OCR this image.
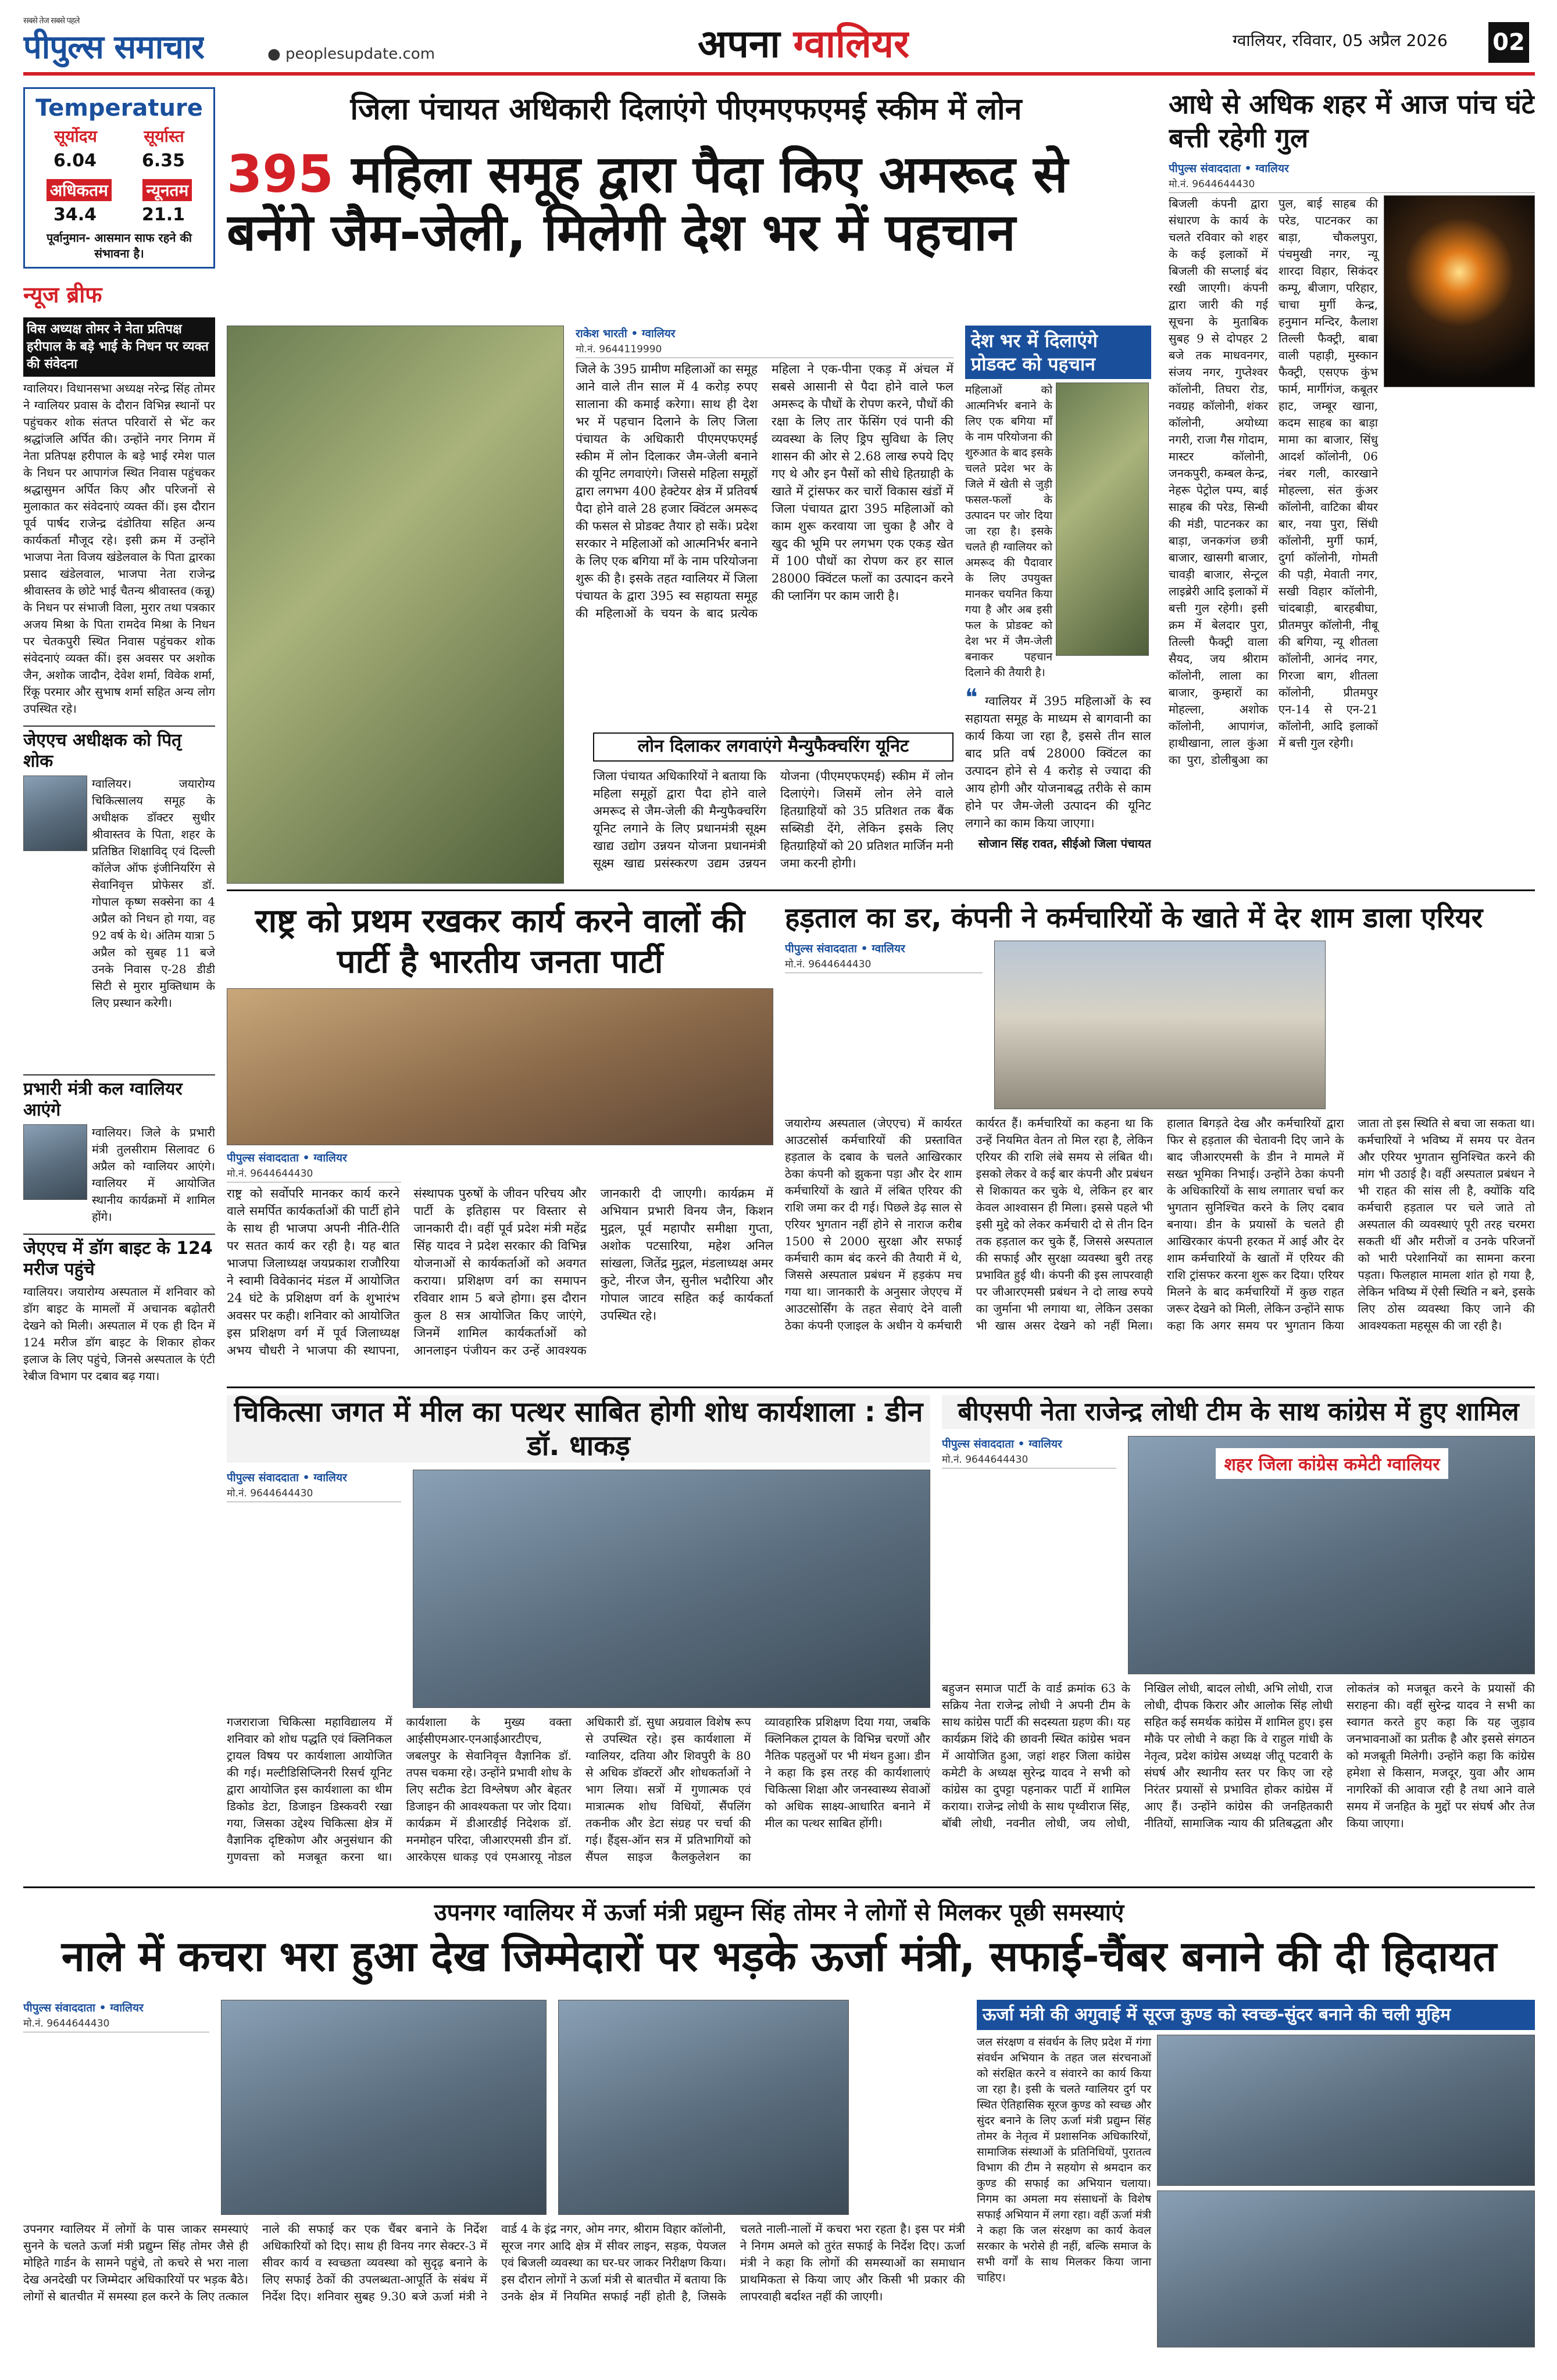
सबसे तेज सबसे पहले
पीपुल्स समाचार	● peoplesupdate.com	अपना ग्वालियर	ग्वालियर, रविवार, 05 अप्रैल 2026 02
Temperature
सूर्योदय	सूर्यास्त
6.04	6.35
अधिकतम न्यूनतम
34.4	21.1
पूर्वानुमान- आसमान साफ रहने की संभावना है।
न्यूज ब्रीफ
विस अध्यक्ष तोमर ने नेता प्रतिपक्ष हरीपाल के बड़े भाई के निधन पर व्यक्त की संवेदना
ग्वालियर। विधानसभा अध्यक्ष नरेन्द्र सिंह तोमर ने ग्वालियर प्रवास के दौरान विभिन्न स्थानों पर पहुंचकर शोक संतप्त परिवारों से भेंट कर श्रद्धांजलि अर्पित की। उन्होंने नगर निगम में नेता प्रतिपक्ष हरीपाल के बड़े भाई रमेश पाल के निधन पर आपागंज स्थित निवास पहुंचकर श्रद्धासुमन अर्पित किए और परिजनों से मुलाकात कर संवेदनाएं व्यक्त कीं। इस दौरान पूर्व पार्षद राजेन्द्र दंडोतिया सहित अन्य कार्यकर्ता मौजूद रहे। इसी क्रम में उन्होंने भाजपा नेता विजय खंडेलवाल के पिता द्वारका प्रसाद खंडेलवाल, भाजपा नेता राजेन्द्र श्रीवास्तव के छोटे भाई चैतन्य श्रीवास्तव (कन्नू) के निधन पर संभाजी विला, मुरार तथा पत्रकार अजय मिश्रा के पिता रामदेव मिश्रा के निधन पर चेतकपुरी स्थित निवास पहुंचकर शोक संवेदनाएं व्यक्त कीं। इस अवसर पर अशोक जैन, अशोक जादौन, देवेश शर्मा, विवेक शर्मा, रिंकू परमार और सुभाष शर्मा सहित अन्य लोग उपस्थित रहे।
जेएएच अधीक्षक को पितृ शोक
ग्वालियर। जयारोग्य चिकित्सालय समूह के अधीक्षक डॉक्टर सुधीर श्रीवास्तव के पिता, शहर के प्रतिष्ठित शिक्षाविद् एवं दिल्ली कॉलेज ऑफ इंजीनियरिंग से सेवानिवृत्त प्रोफेसर डॉ. गोपाल कृष्ण सक्सेना का 4 अप्रैल को निधन हो गया, वह 92 वर्ष के थे। अंतिम यात्रा 5 अप्रैल को सुबह 11 बजे उनके निवास ए-28 डीडी सिटी से मुरार मुक्तिधाम के लिए प्रस्थान करेगी।
प्रभारी मंत्री कल ग्वालियर आएंगे
ग्वालियर। जिले के प्रभारी मंत्री तुलसीराम सिलावट 6 अप्रैल को ग्वालियर आएंगे। ग्वालियर में आयोजित स्थानीय कार्यक्रमों में शामिल होंगे।
जेएएच में डॉग बाइट के 124 मरीज पहुंचे
ग्वालियर। जयारोग्य अस्पताल में शनिवार को डॉग बाइट के मामलों में अचानक बढ़ोतरी देखने को मिली। अस्पताल में एक ही दिन में 124 मरीज डॉग बाइट के शिकार होकर इलाज के लिए पहुंचे, जिनसे अस्पताल के एंटी रेबीज विभाग पर दबाव बढ़ गया।
जिला पंचायत अधिकारी दिलाएंगे पीएमएफएमई स्कीम में लोन
395 महिला समूह द्वारा पैदा किए अमरूद से बनेंगे जैम-जेली, मिलेगी देश भर में पहचान
राकेश भारती • ग्वालियर
मो.नं. 9644119990
जिले के 395 ग्रामीण महिलाओं का समूह आने वाले तीन साल में 4 करोड़ रुपए सालाना की कमाई करेगा। साथ ही देश भर में पहचान दिलाने के लिए जिला पंचायत के अधिकारी पीएमएफएमई स्कीम में लोन दिलाकर जैम-जेली बनाने की यूनिट लगवाएंगे। जिससे महिला समूहों द्वारा लगभग 400 हेक्टेयर क्षेत्र में प्रतिवर्ष पैदा होने वाले 28 हजार क्विंटल अमरूद की फसल से प्रोडक्ट तैयार हो सकें। प्रदेश सरकार ने महिलाओं को आत्मनिर्भर बनाने के लिए एक बगिया माँ के नाम परियोजना शुरू की है। इसके तहत ग्वालियर में जिला पंचायत के द्वारा 395 स्व सहायता समूह की महिलाओं के चयन के बाद प्रत्येक महिला ने एक-पीना एकड़ में अंचल में सबसे आसानी से पैदा होने वाले फल अमरूद के पौधों के रोपण करने, पौधों की रक्षा के लिए तार फेंसिंग एवं पानी की व्यवस्था के लिए ड्रिप सुविधा के लिए शासन की ओर से 2.68 लाख रुपये दिए गए थे और इन पैसों को सीधे हितग्राही के खाते में ट्रांसफर कर चारों विकास खंडों में जिला पंचायत द्वारा 395 महिलाओं को काम शुरू करवाया जा चुका है और वे खुद की भूमि पर लगभग एक एकड़ खेत में 100 पौधों का रोपण कर हर साल 28000 क्विंटल फलों का उत्पादन करने की प्लानिंग पर काम जारी है।
लोन दिलाकर लगवाएंगे मैन्युफैक्चरिंग यूनिट
जिला पंचायत अधिकारियों ने बताया कि महिला समूहों द्वारा पैदा होने वाले अमरूद से जैम-जेली की मैन्युफैक्चरिंग यूनिट लगाने के लिए प्रधानमंत्री सूक्ष्म खाद्य उद्योग उन्नयन योजना प्रधानमंत्री सूक्ष्म खाद्य प्रसंस्करण उद्यम उन्नयन योजना (पीएमएफएमई) स्कीम में लोन दिलाएंगे। जिसमें लोन लेने वाले हितग्राहियों को 35 प्रतिशत तक बैंक सब्सिडी देंगे, लेकिन इसके लिए हितग्राहियों को 20 प्रतिशत मार्जिन मनी जमा करनी होगी।
देश भर में दिलाएंगे प्रोडक्ट को पहचान
महिलाओं को आत्मनिर्भर बनाने के लिए एक बगिया माँ के नाम परियोजना की शुरुआत के बाद इसके चलते प्रदेश भर के जिले में खेती से जुड़ी फसल-फलों के उत्पादन पर जोर दिया जा रहा है। इसके चलते ही ग्वालियर को अमरूद की पैदावार के लिए उपयुक्त मानकर चयनित किया गया है और अब इसी फल के प्रोडक्ट को देश भर में जैम-जेली बनाकर पहचान दिलाने की तैयारी है।
❝ ग्वालियर में 395 महिलाओं के स्व सहायता समूह के माध्यम से बागवानी का कार्य किया जा रहा है, इससे तीन साल बाद प्रति वर्ष 28000 क्विंटल का उत्पादन होने से 4 करोड़ से ज्यादा की आय होगी और योजनाबद्ध तरीके से काम होने पर जैम-जेली उत्पादन की यूनिट लगाने का काम किया जाएगा।
सोजान सिंह रावत, सीईओ जिला पंचायत
आधे से अधिक शहर में आज पांच घंटे बत्ती रहेगी गुल
पीपुल्स संवाददाता • ग्वालियर
मो.नं. 9644644430
बिजली कंपनी द्वारा संधारण के कार्य के चलते रविवार को शहर के कई इलाकों में बिजली की सप्लाई बंद रखी जाएगी। कंपनी द्वारा जारी की गई सूचना के मुताबिक सुबह 9 से दोपहर 2 बजे तक माधवनगर, संजय नगर, गुप्तेश्वर कॉलोनी, तिघरा रोड, नवग्रह कॉलोनी, शंकर कॉलोनी, अयोध्या नगरी, राजा गैस गोदाम, मास्टर कॉलोनी, जनकपुरी, कम्बल केन्द्र, नेहरू पेट्रोल पम्प, बाई साहब की परेड, सिन्धी की मंडी, पाटनकर का बाड़ा, जनकगंज छत्री बाजार, खासगी बाजार, चावड़ी बाजार, सेन्ट्रल लाइब्रेरी आदि इलाकों में बत्ती गुल रहेगी। इसी क्रम में बेलदार पुरा, तिल्ली फैक्ट्री वाला सैयद, जय श्रीराम कॉलोनी, लाला का बाजार, कुम्हारों का मोहल्ला, अशोक कॉलोनी, आपागंज, हाथीखाना, लाल कुंआ का पुरा, डोलीबुआ का पुल, बाई साहब की परेड, पाटनकर का बाड़ा, चौकलपुरा, पंचमुखी नगर, न्यू शारदा विहार, सिकंदर कम्पू, बीजाग, परिहार, चाचा मुर्गी केन्द्र, हनुमान मन्दिर, कैलाश तिल्ली फैक्ट्री, बाबा वाली पहाड़ी, मुस्कान फैक्ट्री, एसएफ कुंभ फार्म, मार्गीगंज, कबूतर हाट, जम्बूर खाना, कदम साहब का बाड़ा मामा का बाजार, सिंधु आदर्श कॉलोनी, 06 नंबर गली, कारखाने मोहल्ला, संत कुंअर कॉलोनी, वाटिका बीयर बार, नया पुरा, सिंधी कॉलोनी, मुर्गी फार्म, दुर्गा कॉलोनी, गोमती की पड़ी, मेवाती नगर, सखी विहार कॉलोनी, चांदबाड़ी, बारहबीघा, प्रीतमपुर कॉलोनी, नीबू की बगिया, न्यू शीतला कॉलोनी, आनंद नगर, गिरजा बाग, शीतला कॉलोनी, प्रीतमपुर एन-14 से एन-21 कॉलोनी, आदि इलाकों में बत्ती गुल रहेगी।
राष्ट्र को प्रथम रखकर कार्य करने वालों की पार्टी है भारतीय जनता पार्टी
पीपुल्स संवाददाता • ग्वालियर
मो.नं. 9644644430
राष्ट्र को सर्वोपरि मानकर कार्य करने वाले समर्पित कार्यकर्ताओं की पार्टी होने के साथ ही भाजपा अपनी नीति-रीति पर सतत कार्य कर रही है। यह बात भाजपा जिलाध्यक्ष जयप्रकाश राजौरिया ने स्वामी विवेकानंद मंडल में आयोजित 24 घंटे के प्रशिक्षण वर्ग के शुभारंभ अवसर पर कही। शनिवार को आयोजित इस प्रशिक्षण वर्ग में पूर्व जिलाध्यक्ष अभय चौधरी ने भाजपा की स्थापना, संस्थापक पुरुषों के जीवन परिचय और पार्टी के इतिहास पर विस्तार से जानकारी दी। वहीं पूर्व प्रदेश मंत्री महेंद्र सिंह यादव ने प्रदेश सरकार की विभिन्न योजनाओं से कार्यकर्ताओं को अवगत कराया। प्रशिक्षण वर्ग का समापन रविवार शाम 5 बजे होगा। इस दौरान कुल 8 सत्र आयोजित किए जाएंगे, जिनमें शामिल कार्यकर्ताओं को आनलाइन पंजीयन कर उन्हें आवश्यक जानकारी दी जाएगी। कार्यक्रम में अभियान प्रभारी विनय जैन, किशन मुद्गल, पूर्व महापौर समीक्षा गुप्ता, अशोक पटसारिया, महेश अनिल सांखला, जितेंद्र मुद्गल, मंडलाध्यक्ष अमर कुटे, नीरज जैन, सुनील भदौरिया और गोपाल जाटव सहित कई कार्यकर्ता उपस्थित रहे।
हड़ताल का डर, कंपनी ने कर्मचारियों के खाते में देर शाम डाला एरियर
पीपुल्स संवाददाता • ग्वालियर
मो.नं. 9644644430
जयारोग्य अस्पताल (जेएएच) में कार्यरत आउटसोर्स कर्मचारियों की प्रस्तावित हड़ताल के दबाव के चलते आखिरकार ठेका कंपनी को झुकना पड़ा और देर शाम कर्मचारियों के खाते में लंबित एरियर की राशि जमा कर दी गई। पिछले डेढ़ साल से एरियर भुगतान नहीं होने से नाराज करीब 1500 से 2000 सुरक्षा और सफाई कर्मचारी काम बंद करने की तैयारी में थे, जिससे अस्पताल प्रबंधन में हड़कंप मच गया था। जानकारी के अनुसार जेएएच में आउटसोर्सिंग के तहत सेवाएं देने वाली ठेका कंपनी एजाइल के अधीन ये कर्मचारी कार्यरत हैं। कर्मचारियों का कहना था कि उन्हें नियमित वेतन तो मिल रहा है, लेकिन एरियर की राशि लंबे समय से लंबित थी। इसको लेकर वे कई बार कंपनी और प्रबंधन से शिकायत कर चुके थे, लेकिन हर बार केवल आश्वासन ही मिला। इससे पहले भी इसी मुद्दे को लेकर कर्मचारी दो से तीन दिन तक हड़ताल कर चुके हैं, जिससे अस्पताल की सफाई और सुरक्षा व्यवस्था बुरी तरह प्रभावित हुई थी। कंपनी की इस लापरवाही पर जीआरएमसी प्रबंधन ने दो लाख रुपये का जुर्माना भी लगाया था, लेकिन उसका भी खास असर देखने को नहीं मिला। हालात बिगड़ते देख और कर्मचारियों द्वारा फिर से हड़ताल की चेतावनी दिए जाने के बाद जीआरएमसी के डीन ने मामले में सख्त भूमिका निभाई। उन्होंने ठेका कंपनी के अधिकारियों के साथ लगातार चर्चा कर भुगतान सुनिश्चित करने के लिए दबाव बनाया। डीन के प्रयासों के चलते ही आखिरकार कंपनी हरकत में आई और देर शाम कर्मचारियों के खातों में एरियर की राशि ट्रांसफर करना शुरू कर दिया। एरियर मिलने के बाद कर्मचारियों में कुछ राहत जरूर देखने को मिली, लेकिन उन्होंने साफ कहा कि अगर समय पर भुगतान किया जाता तो इस स्थिति से बचा जा सकता था। कर्मचारियों ने भविष्य में समय पर वेतन और एरियर भुगतान सुनिश्चित करने की मांग भी उठाई है। वहीं अस्पताल प्रबंधन ने भी राहत की सांस ली है, क्योंकि यदि कर्मचारी हड़ताल पर चले जाते तो अस्पताल की व्यवस्थाएं पूरी तरह चरमरा सकती थीं और मरीजों व उनके परिजनों को भारी परेशानियों का सामना करना पड़ता। फिलहाल मामला शांत हो गया है, लेकिन भविष्य में ऐसी स्थिति न बने, इसके लिए ठोस व्यवस्था किए जाने की आवश्यकता महसूस की जा रही है।
चिकित्सा जगत में मील का पत्थर साबित होगी शोध कार्यशाला : डीन डॉ. धाकड़
पीपुल्स संवाददाता • ग्वालियर
मो.नं. 9644644430
गजराराजा चिकित्सा महाविद्यालय में शनिवार को शोध पद्धति एवं क्लिनिकल ट्रायल विषय पर कार्यशाला आयोजित की गई। मल्टीडिसिप्लिनरी रिसर्च यूनिट द्वारा आयोजित इस कार्यशाला का थीम डिकोड डेटा, डिजाइन डिस्कवरी रखा गया, जिसका उद्देश्य चिकित्सा क्षेत्र में वैज्ञानिक दृष्टिकोण और अनुसंधान की गुणवत्ता को मजबूत करना था। कार्यशाला के मुख्य वक्ता आईसीएमआर-एनआईआरटीएच, जबलपुर के सेवानिवृत्त वैज्ञानिक डॉ. तपस चकमा रहे। उन्होंने प्रभावी शोध के लिए सटीक डेटा विश्लेषण और बेहतर डिजाइन की आवश्यकता पर जोर दिया। कार्यक्रम में डीआरडीई निदेशक डॉ. मनमोहन परिदा, जीआरएमसी डीन डॉ. आरकेएस धाकड़ एवं एमआरयू नोडल अधिकारी डॉ. सुधा अग्रवाल विशेष रूप से उपस्थित रहे। इस कार्यशाला में ग्वालियर, दतिया और शिवपुरी के 80 से अधिक डॉक्टरों और शोधकर्ताओं ने भाग लिया। सत्रों में गुणात्मक एवं मात्रात्मक शोध विधियों, सैंपलिंग तकनीक और डेटा संग्रह पर चर्चा की गई। हैंड्स-ऑन सत्र में प्रतिभागियों को सैंपल साइज कैलकुलेशन का व्यावहारिक प्रशिक्षण दिया गया, जबकि क्लिनिकल ट्रायल के विभिन्न चरणों और नैतिक पहलुओं पर भी मंथन हुआ। डीन ने कहा कि इस तरह की कार्यशालाएं चिकित्सा शिक्षा और जनस्वास्थ्य सेवाओं को अधिक साक्ष्य-आधारित बनाने में मील का पत्थर साबित होंगी।
बीएसपी नेता राजेन्द्र लोधी टीम के साथ कांग्रेस में हुए शामिल
पीपुल्स संवाददाता • ग्वालियर
मो.नं. 9644644430	शहर जिला कांग्रेस कमेटी ग्वालियर
बहुजन समाज पार्टी के वार्ड क्रमांक 63 के सक्रिय नेता राजेन्द्र लोधी ने अपनी टीम के साथ कांग्रेस पार्टी की सदस्यता ग्रहण की। यह कार्यक्रम शिंदे की छावनी स्थित कांग्रेस भवन में आयोजित हुआ, जहां शहर जिला कांग्रेस कमेटी के अध्यक्ष सुरेन्द्र यादव ने सभी को कांग्रेस का दुपट्टा पहनाकर पार्टी में शामिल कराया। राजेन्द्र लोधी के साथ पृथ्वीराज सिंह, बॉबी लोधी, नवनीत लोधी, जय लोधी, निखिल लोधी, बादल लोधी, अभि लोधी, राज लोधी, दीपक किरार और आलोक सिंह लोधी सहित कई समर्थक कांग्रेस में शामिल हुए। इस मौके पर लोधी ने कहा कि वे राहुल गांधी के नेतृत्व, प्रदेश कांग्रेस अध्यक्ष जीतू पटवारी के संघर्ष और स्थानीय स्तर पर किए जा रहे निरंतर प्रयासों से प्रभावित होकर कांग्रेस में आए हैं। उन्होंने कांग्रेस की जनहितकारी नीतियों, सामाजिक न्याय की प्रतिबद्धता और लोकतंत्र को मजबूत करने के प्रयासों की सराहना की। वहीं सुरेन्द्र यादव ने सभी का स्वागत करते हुए कहा कि यह जुड़ाव जनभावनाओं का प्रतीक है और इससे संगठन को मजबूती मिलेगी। उन्होंने कहा कि कांग्रेस हमेशा से किसान, मजदूर, युवा और आम नागरिकों की आवाज रही है तथा आने वाले समय में जनहित के मुद्दों पर संघर्ष और तेज किया जाएगा।
उपनगर ग्वालियर में ऊर्जा मंत्री प्रद्युम्न सिंह तोमर ने लोगों से मिलकर पूछी समस्याएं
नाले में कचरा भरा हुआ देख जिम्मेदारों पर भड़के ऊर्जा मंत्री, सफाई-चैंबर बनाने की दी हिदायत
पीपुल्स संवाददाता • ग्वालियर
मो.नं. 9644644430
उपनगर ग्वालियर में लोगों के पास जाकर समस्याएं सुनने के चलते ऊर्जा मंत्री प्रद्युम्न सिंह तोमर जैसे ही मोहिते गार्डन के सामने पहुंचे, तो कचरे से भरा नाला देख अनदेखी पर जिम्मेदार अधिकारियों पर भड़क बैठे। लोगों से बातचीत में समस्या हल करने के लिए तत्काल नाले की सफाई कर एक चैंबर बनाने के निर्देश अधिकारियों को दिए। साथ ही विनय नगर सेक्टर-3 में सीवर कार्य व स्वच्छता व्यवस्था को सुदृढ़ बनाने के लिए सफाई ठेकों की उपलब्धता-आपूर्ति के संबंध में निर्देश दिए। शनिवार सुबह 9.30 बजे ऊर्जा मंत्री ने वार्ड 4 के इंद्र नगर, ओम नगर, श्रीराम विहार कॉलोनी, सूरज नगर आदि क्षेत्र में सीवर लाइन, सड़क, पेयजल एवं बिजली व्यवस्था का घर-घर जाकर निरीक्षण किया। इस दौरान लोगों ने ऊर्जा मंत्री से बातचीत में बताया कि उनके क्षेत्र में नियमित सफाई नहीं होती है, जिसके चलते नाली-नालों में कचरा भरा रहता है। इस पर मंत्री ने निगम अमले को तुरंत सफाई के निर्देश दिए। ऊर्जा मंत्री ने कहा कि लोगों की समस्याओं का समाधान प्राथमिकता से किया जाए और किसी भी प्रकार की लापरवाही बर्दाश्त नहीं की जाएगी।
ऊर्जा मंत्री की अगुवाई में सूरज कुण्ड को स्वच्छ-सुंदर बनाने की चली मुहिम
जल संरक्षण व संवर्धन के लिए प्रदेश में गंगा संवर्धन अभियान के तहत जल संरचनाओं को संरक्षित करने व संवारने का कार्य किया जा रहा है। इसी के चलते ग्वालियर दुर्ग पर स्थित ऐतिहासिक सूरज कुण्ड को स्वच्छ और सुंदर बनाने के लिए ऊर्जा मंत्री प्रद्युम्न सिंह तोमर के नेतृत्व में प्रशासनिक अधिकारियों, सामाजिक संस्थाओं के प्रतिनिधियों, पुरातत्व विभाग की टीम ने सहयोग से श्रमदान कर कुण्ड की सफाई का अभियान चलाया। निगम का अमला मय संसाधनों के विशेष सफाई अभियान में लगा रहा। वहीं ऊर्जा मंत्री ने कहा कि जल संरक्षण का कार्य केवल सरकार के भरोसे ही नहीं, बल्कि समाज के सभी वर्गों के साथ मिलकर किया जाना चाहिए।
